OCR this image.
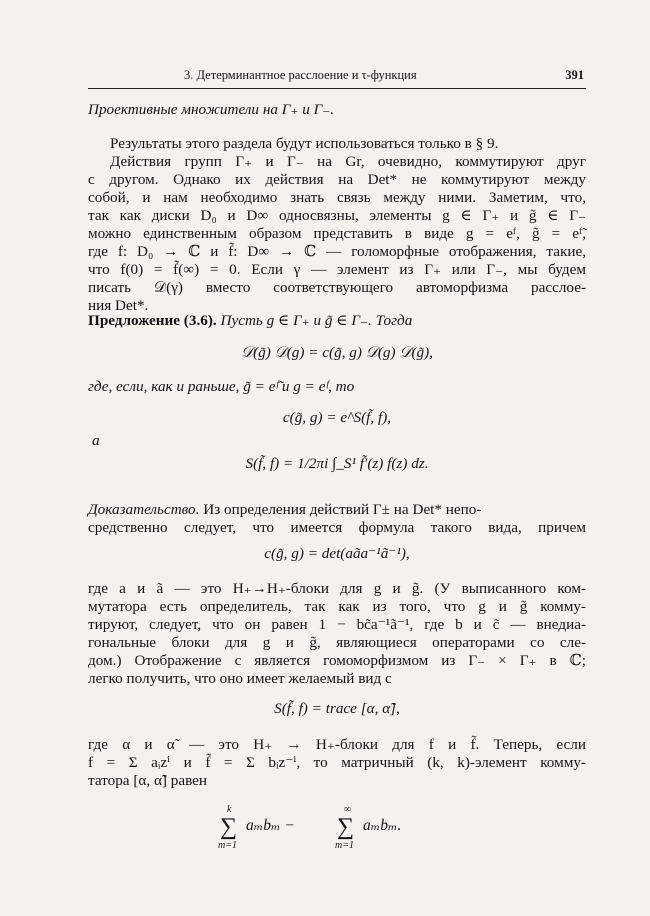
3. Детерминантное расслоение и τ-функция	391
Проективные множители на Γ₊ и Γ₋.
Результаты этого раздела будут использоваться только в § 9.
Действия групп Γ₊ и Γ₋ на Gr, очевидно, коммутируют друг
с другом. Однако их действия на Det* не коммутируют между
собой, и нам необходимо знать связь между ними. Заметим, что,
так как диски D₀ и D∞ односвязны, элементы g ∈ Γ₊ и g̃ ∈ Γ₋
можно единственным образом представить в виде g = eᶠ, g̃ = eᶠ̃,
где f: D₀ → ℂ и f̃: D∞ → ℂ — голоморфные отображения, такие,
что f(0) = f̃(∞) = 0. Если γ — элемент из Γ₊ или Γ₋, мы будем
писать 𝒟(γ) вместо соответствующего автоморфизма расслое-
ния Det*.
Предложение (3.6). Пусть g ∈ Γ₊ и g̃ ∈ Γ₋. Тогда
𝒟(g̃) 𝒟(g) = c(g̃, g) 𝒟(g) 𝒟(g̃),
где, если, как и раньше, g̃ = eᶠ̃ и g = eᶠ, то
c(g̃, g) = e^S(f̃, f),
а
S(f̃, f) = 1/2πi ∫_S¹ f̃′(z) f(z) dz.
Доказательство. Из определения действий Γ± на Det* непо-
средственно следует, что имеется формула такого вида, причем
c(g̃, g) = det(aãa⁻¹ã⁻¹),
где a и ã — это H₊→H₊-блоки для g и g̃. (У выписанного ком-
мутатора есть определитель, так как из того, что g и g̃ комму-
тируют, следует, что он равен 1 − bc̃a⁻¹ã⁻¹, где b и c̃ — внедиа-
гональные блоки для g и g̃, являющиеся операторами со сле-
дом.) Отображение c является гомоморфизмом из Γ₋ × Γ₊ в ℂ;
легко получить, что оно имеет желаемый вид с
S(f̃, f) = trace [α, α̃],
где α и α̃ — это H₊ → H₊-блоки для f и f̃. Теперь, если
f = Σ aᵢzⁱ и f̃ = Σ bᵢz⁻ⁱ, то матричный (k, k)-элемент комму-
татора [α, α̃] равен
k
∑
m=1
aₘbₘ −
∞
∑
m=1
aₘbₘ.
